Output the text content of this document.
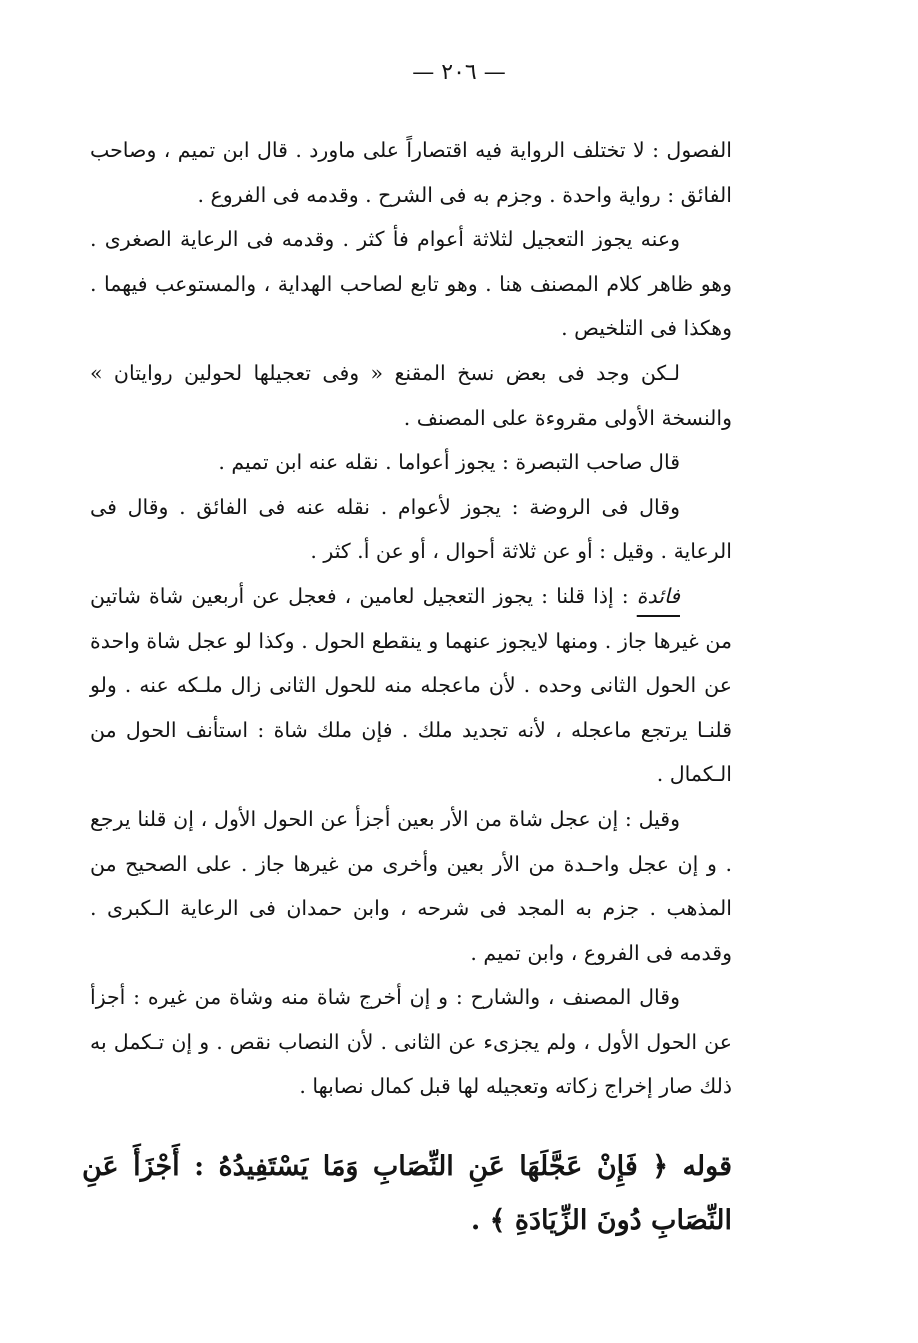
— ٢٠٦ —

الفصول : لا تختلف الرواية فيه اقتصاراً على ماورد . قال ابن تميم ، وصاحب الفائق : رواية واحدة . وجزم به فى الشرح . وقدمه فى الفروع .

وعنه يجوز التعجيل لثلاثة أعوام فأ كثر . وقدمه فى الرعاية الصغرى . وهو ظاهر كلام المصنف هنا . وهو تابع لصاحب الهداية ، والمستوعب فيهما . وهكذا فى التلخيص .

لـكن وجد فى بعض نسخ المقنع « وفى تعجيلها لحولين روايتان » والنسخة الأولى مقروءة على المصنف .

قال صاحب التبصرة : يجوز أعواما . نقله عنه ابن تميم .

وقال فى الروضة : يجوز لأعوام . نقله عنه فى الفائق . وقال فى الرعاية . وقيل : أو عن ثلاثة أحوال ، أو عن أ. كثر .

فائدة : إذا قلنا : يجوز التعجيل لعامين ، فعجل عن أربعين شاة شاتين من غيرها جاز . ومنها لايجوز عنهما و ينقطع الحول . وكذا لو عجل شاة واحدة عن الحول الثانى وحده . لأن ماعجله منه للحول الثانى زال ملـكه عنه . ولو قلنـا يرتجع ماعجله ، لأنه تجديد ملك . فإن ملك شاة : استأنف الحول من الـكمال .

وقيل : إن عجل شاة من الأر بعين أجزأ عن الحول الأول ، إن قلنا يرجع . و إن عجل واحـدة من الأر بعين وأخرى من غيرها جاز . على الصحيح من المذهب . جزم به المجد فى شرحه ، وابن حمدان فى الرعاية الـكبرى . وقدمه فى الفروع ، وابن تميم .

وقال المصنف ، والشارح : و إن أخرج شاة منه وشاة من غيره : أجزأ عن الحول الأول ، ولم يجزىء عن الثانى . لأن النصاب نقص . و إن تـكمل به ذلك صار إخراج زكاته وتعجيله لها قبل كمال نصابها .

قوله ﴿ فَإِنْ عَجَّلَهَا عَنِ النِّصَابِ وَمَا يَسْتَفِيدُهُ : أَجْزَأَ عَنِ النِّصَابِ دُونَ الزِّيَادَةِ ﴾ .
